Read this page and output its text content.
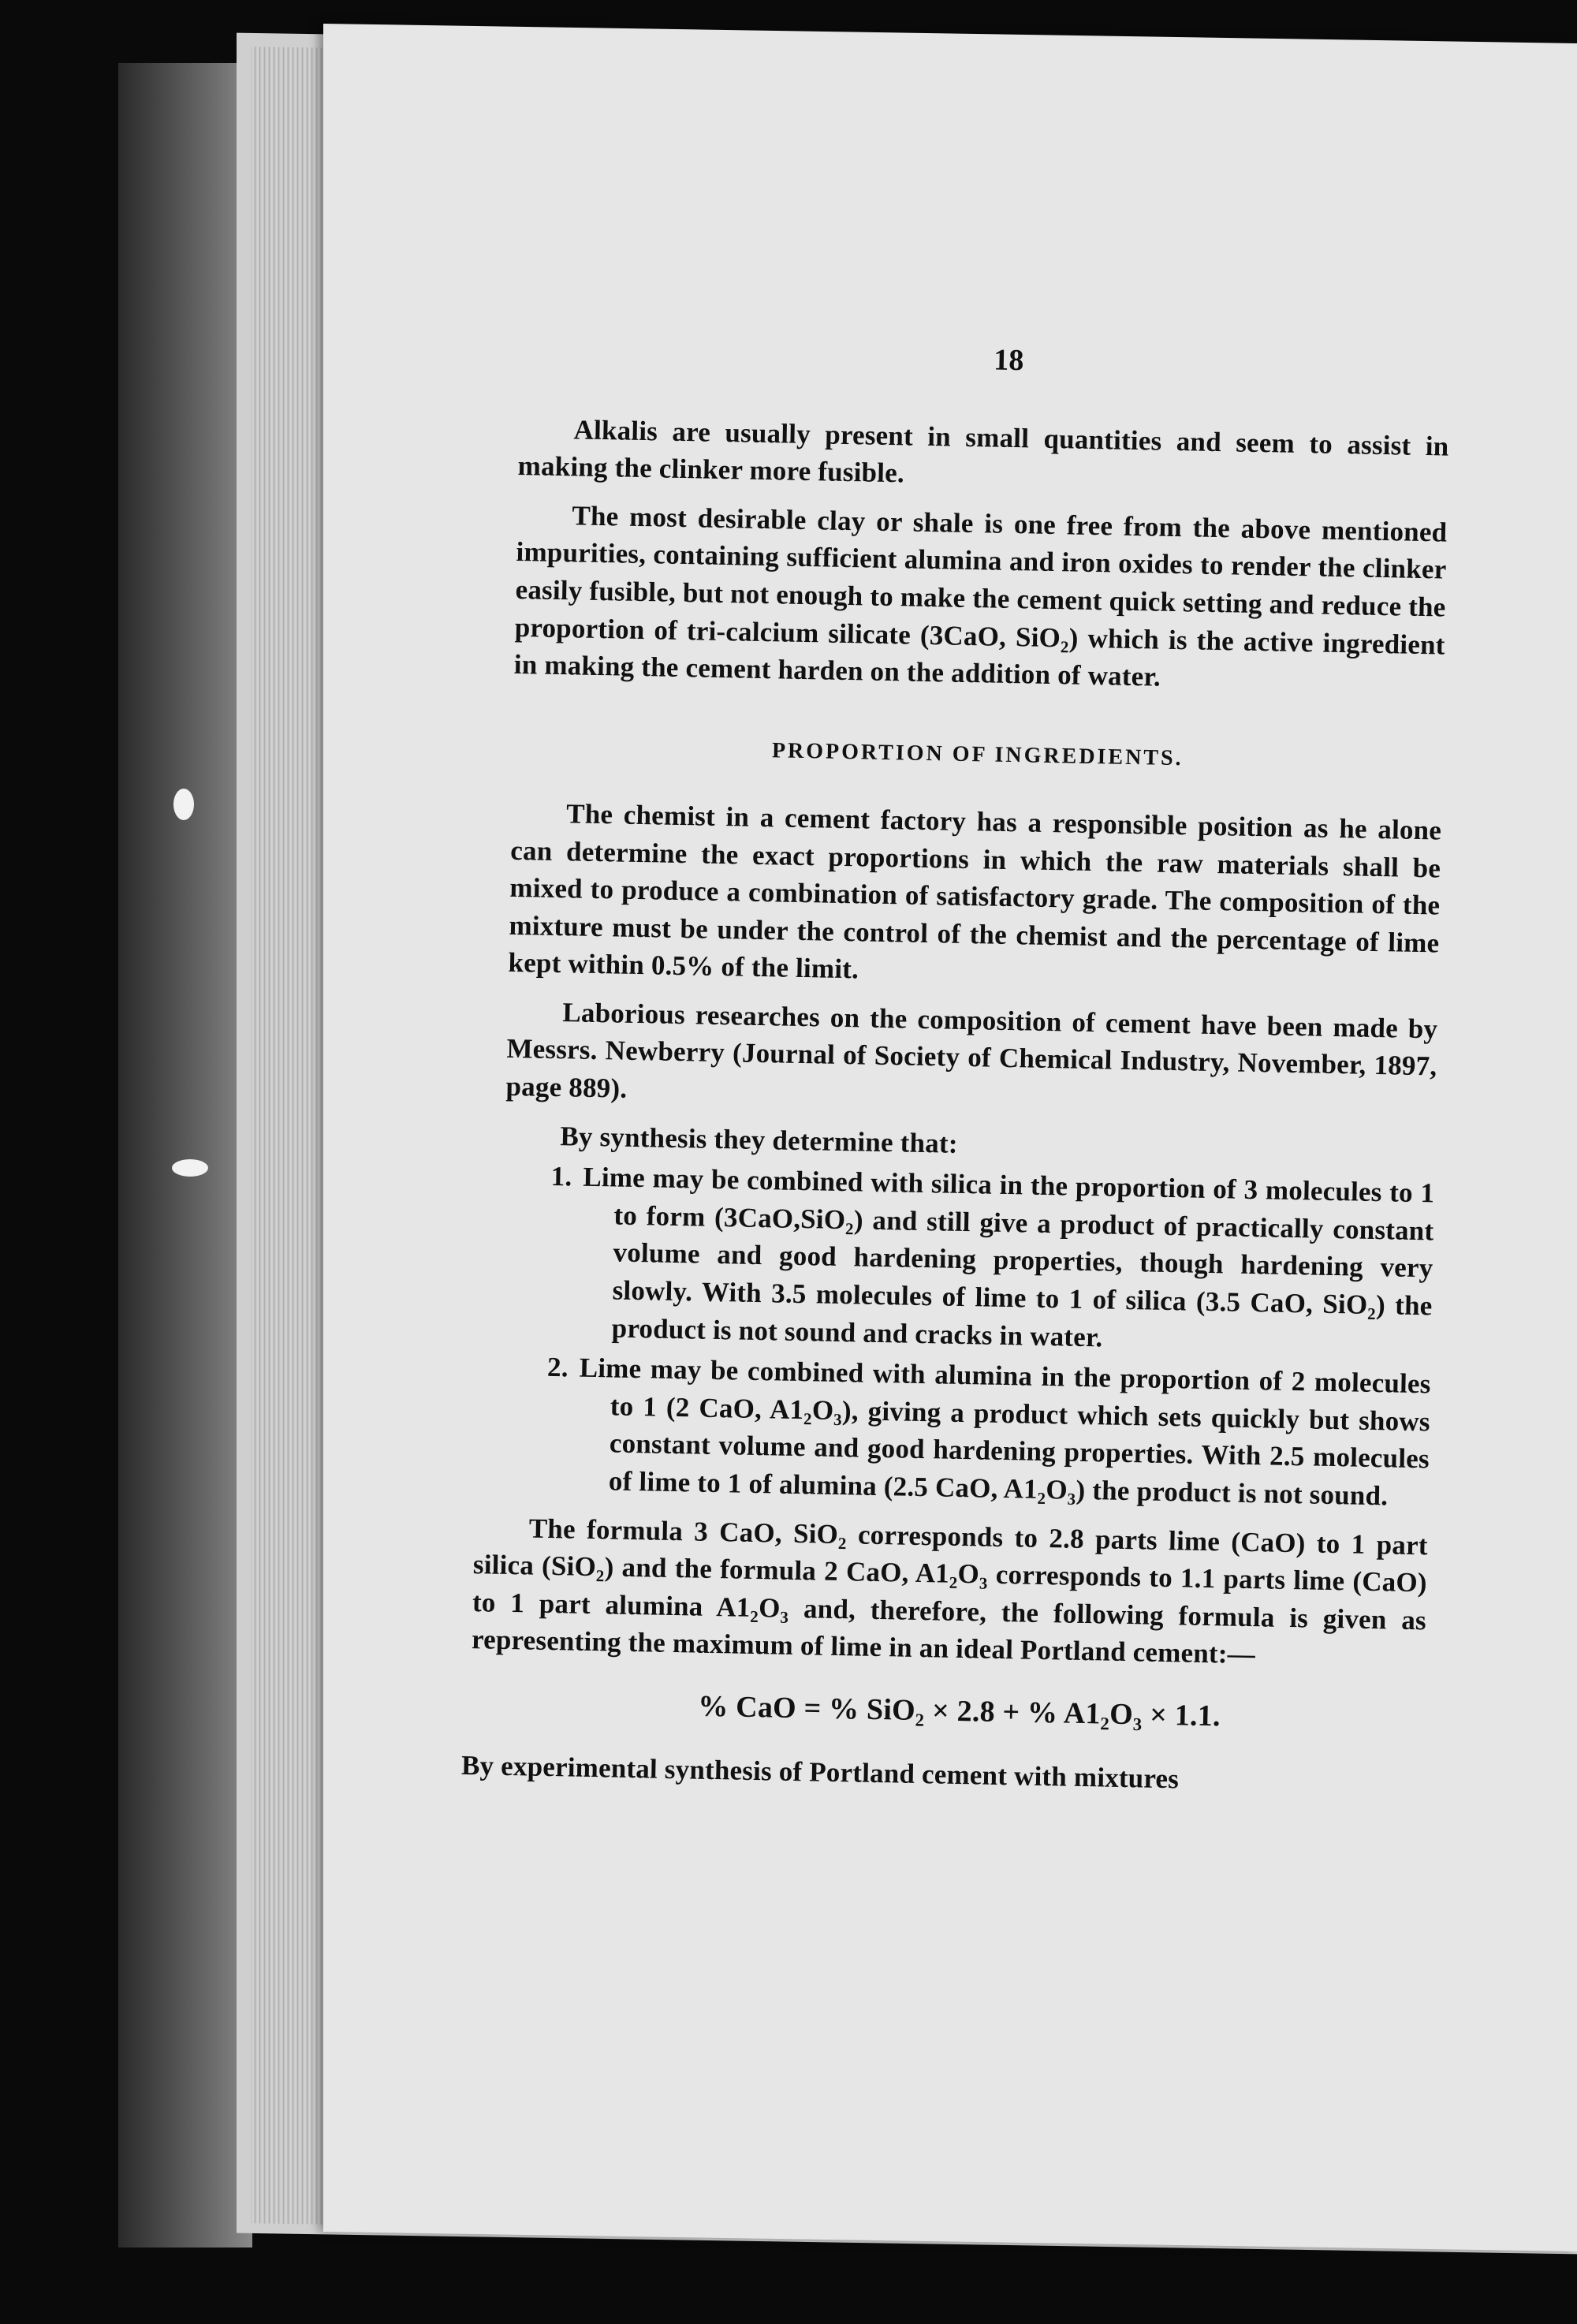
18

Alkalis are usually present in small quantities and seem to assist in making the clinker more fusible.

The most desirable clay or shale is one free from the above mentioned impurities, containing sufficient alumina and iron oxides to render the clinker easily fusible, but not enough to make the cement quick setting and reduce the proportion of tri-calcium silicate (3CaO, SiO₂) which is the active ingredient in making the cement harden on the addition of water.

PROPORTION OF INGREDIENTS.

The chemist in a cement factory has a responsible position as he alone can determine the exact proportions in which the raw materials shall be mixed to produce a combination of satisfactory grade. The composition of the mixture must be under the control of the chemist and the percentage of lime kept within 0.5% of the limit.

Laborious researches on the composition of cement have been made by Messrs. Newberry (Journal of Society of Chemical Industry, November, 1897, page 889).

By synthesis they determine that:

1. Lime may be combined with silica in the proportion of 3 molecules to 1 to form (3CaO,SiO₂) and still give a product of practically constant volume and good hardening properties, though hardening very slowly. With 3.5 molecules of lime to 1 of silica (3.5 CaO, SiO₂) the product is not sound and cracks in water.
2. Lime may be combined with alumina in the proportion of 2 molecules to 1 (2 CaO, A1₂O₃), giving a product which sets quickly but shows constant volume and good hardening properties. With 2.5 molecules of lime to 1 of alumina (2.5 CaO, A1₂O₃) the product is not sound.

The formula 3 CaO, SiO₂ corresponds to 2.8 parts lime (CaO) to 1 part silica (SiO₂) and the formula 2 CaO, A1₂O₃ corresponds to 1.1 parts lime (CaO) to 1 part alumina A1₂O₃ and, therefore, the following formula is given as representing the maximum of lime in an ideal Portland cement:—

% CaO = % SiO₂ × 2.8 + % A1₂O₃ × 1.1.

By experimental synthesis of Portland cement with mixtures
